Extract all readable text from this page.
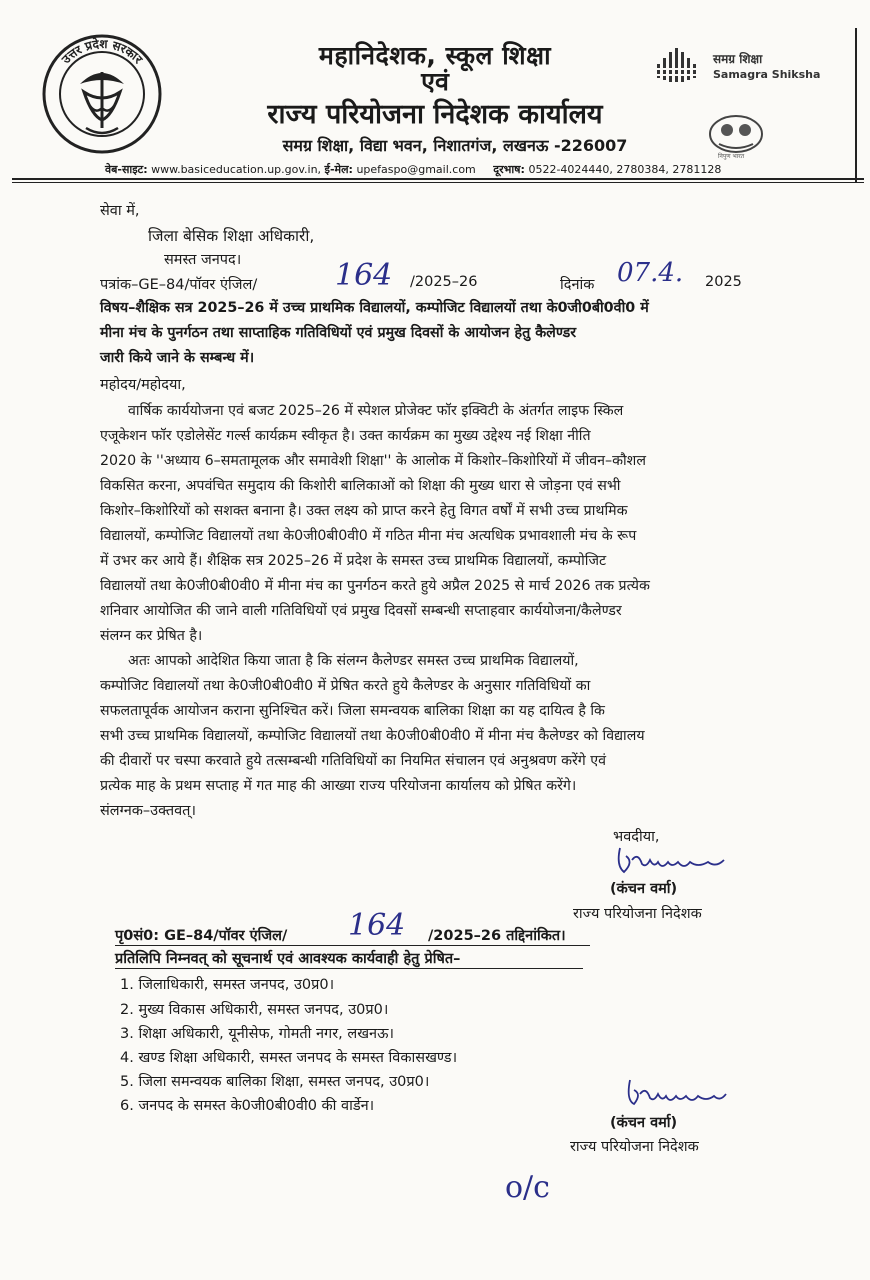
उत्तर प्रदेश सरकार	महानिदेशक, स्कूल शिक्षा
एवं
राज्य परियोजना निदेशक कार्यालय
समग्र शिक्षा, विद्या भवन, निशातगंज, लखनऊ -226007
वेब-साइट: www.basiceducation.up.gov.in, ई-मेल: upefaspo@gmail.com दूरभाष: 0522-4024440, 2780384, 2781128
समग्र शिक्षा
Samagra Shiksha
निपुण भारत
सेवा में,
जिला बेसिक शिक्षा अधिकारी,
समस्त जनपद।
पत्रांक–GE–84/पॉवर एंजिल/	164 /2025–26	दिनांक 07.4. 2025
विषय–शैक्षिक सत्र 2025–26 में उच्च प्राथमिक विद्यालयों, कम्पोजिट विद्यालयों तथा के0जी0बी0वी0 में
मीना मंच के पुनर्गठन तथा साप्ताहिक गतिविधियों एवं प्रमुख दिवसों के आयोजन हेतु कैलेण्डर
जारी किये जाने के सम्बन्ध में।
महोदय/महोदया,
वार्षिक कार्ययोजना एवं बजट 2025–26 में स्पेशल प्रोजेक्ट फॉर इक्विटी के अंतर्गत लाइफ स्किल
एजूकेशन फॉर एडोलेसेंट गर्ल्स कार्यक्रम स्वीकृत है। उक्त कार्यक्रम का मुख्य उद्देश्य नई शिक्षा नीति
2020 के ''अध्याय 6–समतामूलक और समावेशी शिक्षा'' के आलोक में किशोर–किशोरियों में जीवन–कौशल
विकसित करना, अपवंचित समुदाय की किशोरी बालिकाओं को शिक्षा की मुख्य धारा से जोड़ना एवं सभी
किशोर–किशोरियों को सशक्त बनाना है। उक्त लक्ष्य को प्राप्त करने हेतु विगत वर्षों में सभी उच्च प्राथमिक
विद्यालयों, कम्पोजिट विद्यालयों तथा के0जी0बी0वी0 में गठित मीना मंच अत्यधिक प्रभावशाली मंच के रूप
में उभर कर आये हैं। शैक्षिक सत्र 2025–26 में प्रदेश के समस्त उच्च प्राथमिक विद्यालयों, कम्पोजिट
विद्यालयों तथा के0जी0बी0वी0 में मीना मंच का पुनर्गठन करते हुये अप्रैल 2025 से मार्च 2026 तक प्रत्येक
शनिवार आयोजित की जाने वाली गतिविधियों एवं प्रमुख दिवसों सम्बन्धी सप्ताहवार कार्ययोजना/कैलेण्डर
संलग्न कर प्रेषित है।
अतः आपको आदेशित किया जाता है कि संलग्न कैलेण्डर समस्त उच्च प्राथमिक विद्यालयों,
कम्पोजिट विद्यालयों तथा के0जी0बी0वी0 में प्रेषित करते हुये कैलेण्डर के अनुसार गतिविधियों का
सफलतापूर्वक आयोजन कराना सुनिश्चित करें। जिला समन्वयक बालिका शिक्षा का यह दायित्व है कि
सभी उच्च प्राथमिक विद्यालयों, कम्पोजिट विद्यालयों तथा के0जी0बी0वी0 में मीना मंच कैलेण्डर को विद्यालय
की दीवारों पर चस्पा करवाते हुये तत्सम्बन्धी गतिविधियों का नियमित संचालन एवं अनुश्रवण करेंगे एवं
प्रत्येक माह के प्रथम सप्ताह में गत माह की आख्या राज्य परियोजना कार्यालय को प्रेषित करेंगे।
संलग्नक–उक्तवत्।
भवदीया,
(कंचन वर्मा)
राज्य परियोजना निदेशक
पृ0सं0: GE–84/पॉवर एंजिल/ 164 /2025–26 तद्दिनांकित।
प्रतिलिपि निम्नवत् को सूचनार्थ एवं आवश्यक कार्यवाही हेतु प्रेषित–
1. जिलाधिकारी, समस्त जनपद, उ0प्र0।
2. मुख्य विकास अधिकारी, समस्त जनपद, उ0प्र0।
3. शिक्षा अधिकारी, यूनीसेफ, गोमती नगर, लखनऊ।
4. खण्ड शिक्षा अधिकारी, समस्त जनपद के समस्त विकासखण्ड।
5. जिला समन्वयक बालिका शिक्षा, समस्त जनपद, उ0प्र0।
6. जनपद के समस्त के0जी0बी0वी0 की वार्डेन।
(कंचन वर्मा)
राज्य परियोजना निदेशक
o/c
